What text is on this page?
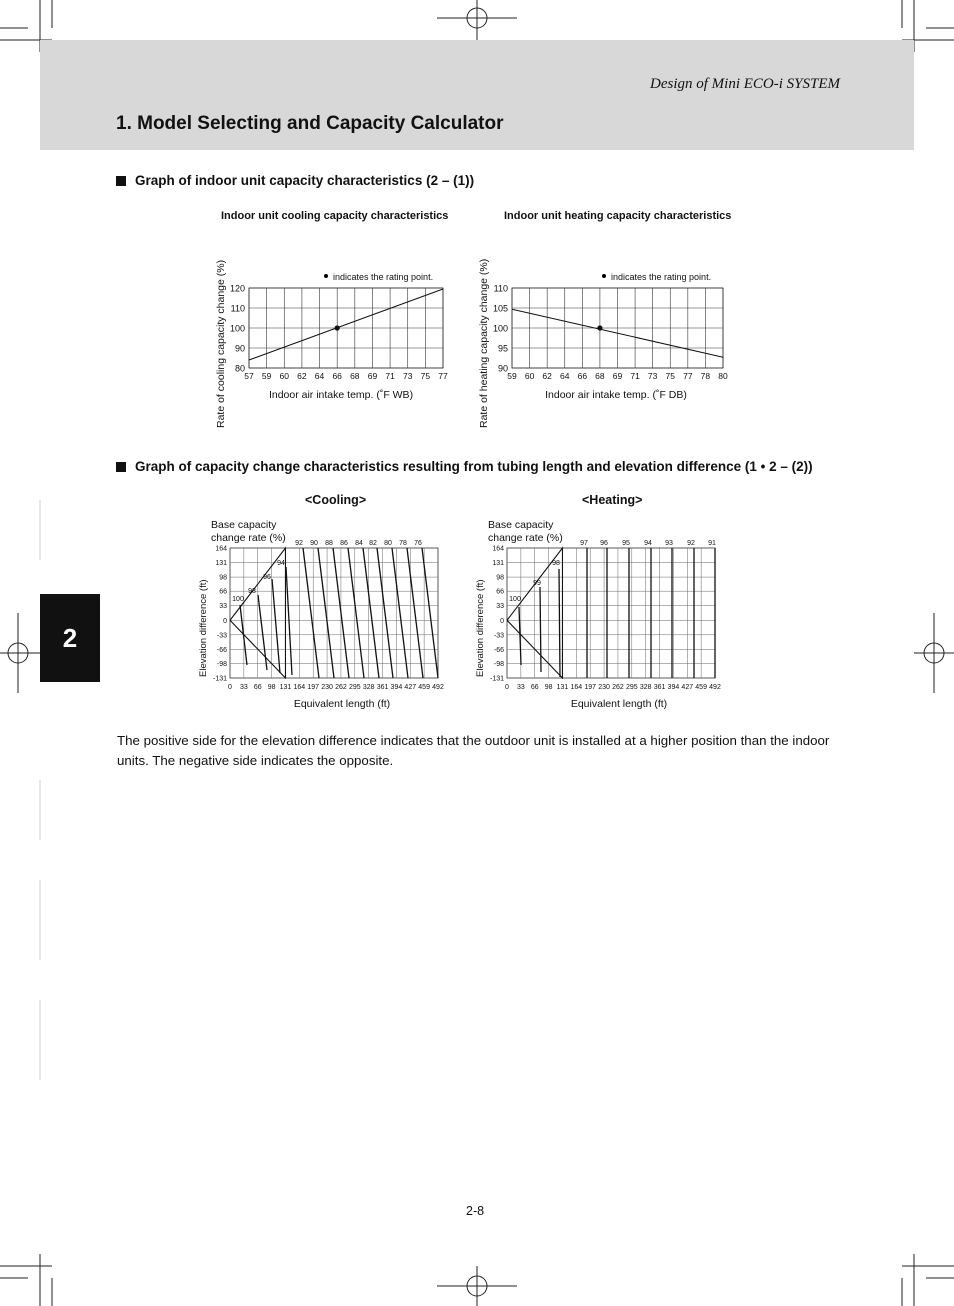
Design of Mini ECO-i SYSTEM
1. Model Selecting and Capacity Calculator
2
Graph of indoor unit capacity characteristics (2 – (1))
Indoor unit cooling capacity characteristics	Indoor unit heating capacity characteristics
Rate of cooling capacity change (%)	indicates the rating point.
Indoor air intake temp. (˚F WB)
57 59 60 62 64 66 68 69 71 73 75 77
80
90
100
110
120	Rate of heating capacity change (%)	indicates the rating point.
Indoor air intake temp. (˚F DB)
59 60 62 64 66 68 69 71 73 75 77 78 80
90
95
100
105
110
Graph of capacity change characteristics resulting from tubing length and elevation difference (1 • 2 – (2))
<Cooling>	<Heating>
Base capacity
change rate (%)
Elevation difference (ft)
Equivalent length (ft)
0 33 66 98 131 164 197 230 262 295 328 361 394 427 459 492
164
131
98
66
33
0
-33
-66
-98
-131
100
98
96
94
92 90 88 86 84 82 80 78 76
Base capacity
change rate (%)
Elevation difference (ft)
Equivalent length (ft)
0 33 66 98 131 164 197 230 262 295 328 361 394 427 459 492
164
131
98
66
33
0
-33
-66
-98
-131
100
99
98
97 96 95 94 93 92 91
The positive side for the elevation difference indicates that the outdoor unit is installed at a higher position than the indoor units. The negative side indicates the opposite.
2-8
